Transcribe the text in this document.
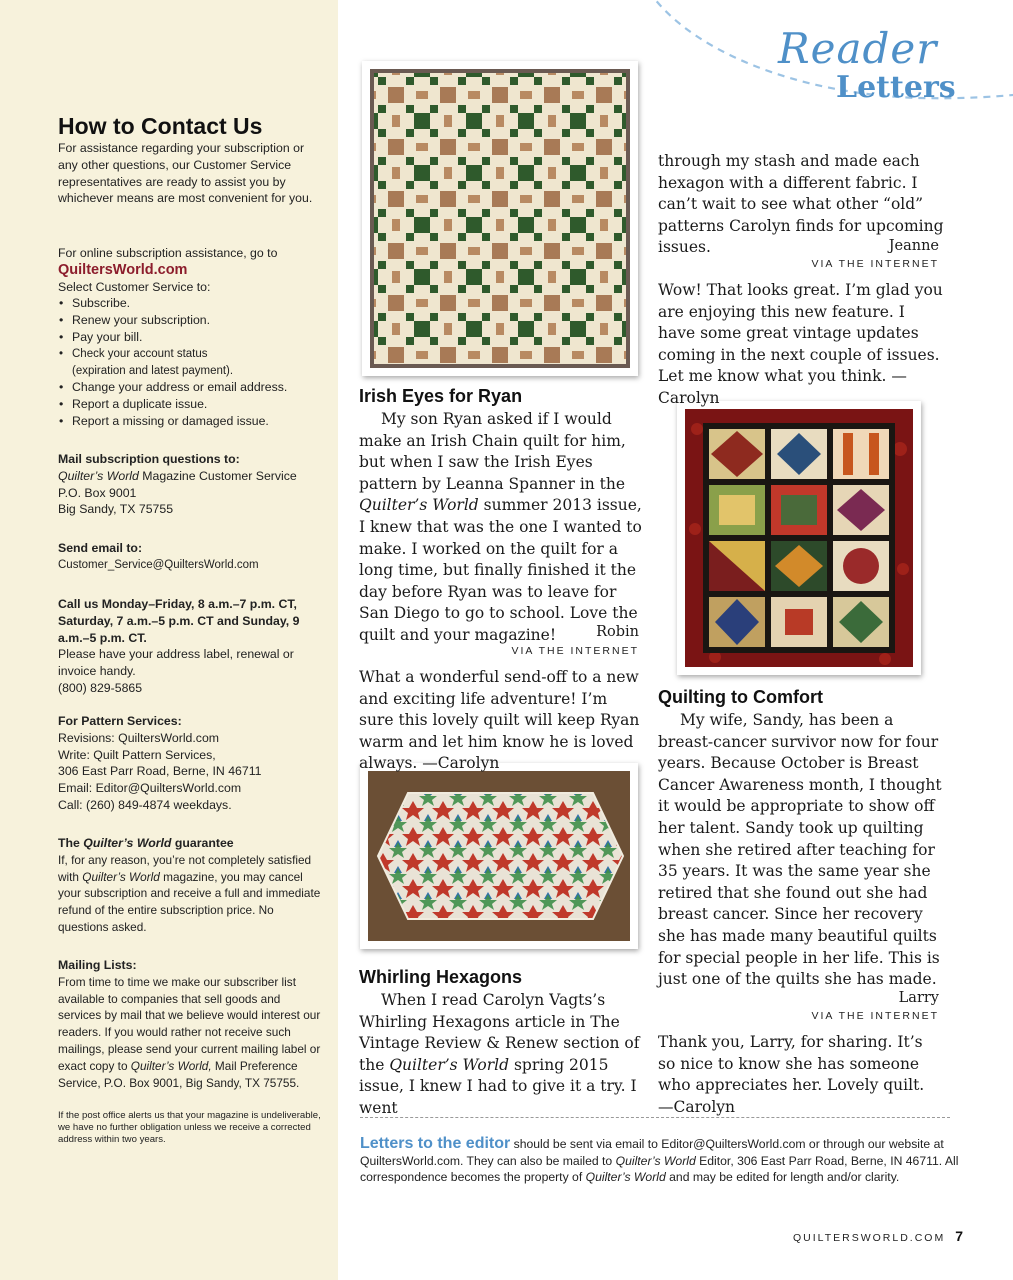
How to Contact Us

For assistance regarding your subscription or any other questions, our Customer Service representatives are ready to assist you by whichever means are most convenient for you.

For online subscription assistance, go to

QuiltersWorld.com

Select Customer Service to:

• Subscribe.
• Renew your subscription.
• Pay your bill.
• Check your account status
(expiration and latest payment).
• Change your address or email address.
• Report a duplicate issue.
• Report a missing or damaged issue.

Mail subscription questions to:

Quilter’s World Magazine Customer Service

P.O. Box 9001

Big Sandy, TX 75755

Send email to:

Customer_Service@QuiltersWorld.com

Call us Monday–Friday, 8 a.m.–7 p.m. CT, Saturday, 7 a.m.–5 p.m. CT and Sunday, 9 a.m.–5 p.m. CT.

Please have your address label, renewal or invoice handy.

(800) 829-5865

For Pattern Services:

Revisions: QuiltersWorld.com

Write: Quilt Pattern Services,

306 East Parr Road, Berne, IN 46711

Email: Editor@QuiltersWorld.com

Call: (260) 849-4874 weekdays.

The Quilter’s World guarantee

If, for any reason, you’re not completely satisfied with Quilter’s World magazine, you may cancel your subscription and receive a full and immediate refund of the entire subscription price. No questions asked.

Mailing Lists:

From time to time we make our subscriber list available to companies that sell goods and services by mail that we believe would interest our readers. If you would rather not receive such mailings, please send your current mailing label or exact copy to Quilter’s World, Mail Preference Service, P.O. Box 9001, Big Sandy, TX 75755.

If the post office alerts us that your magazine is undeliverable, we have no further obligation unless we receive a corrected address within two years.

Reader
Letters
Irish Eyes for Ryan

My son Ryan asked if I would make an Irish Chain quilt for him, but when I saw the Irish Eyes pattern by Leanna Spanner in the Quilter’s World summer 2013 issue, I knew that was the one I wanted to make. I worked on the quilt for a long time, but finally finished it the day before Ryan was to leave for San Diego to go to school. Love the quilt and your magazine!	Robin
VIA THE INTERNET

What a wonderful send-off to a new and exciting life adventure! I’m sure this lovely quilt will keep Ryan warm and let him know he is loved always. —Carolyn

Whirling Hexagons

When I read Carolyn Vagts’s Whirling Hexagons article in The Vintage Review & Renew section of the Quilter’s World spring 2015 issue, I knew I had to give it a try. I went

through my stash and made each hexagon with a different fabric. I can’t wait to see what other “old” patterns Carolyn finds for upcoming issues.	Jeanne
VIA THE INTERNET

Wow! That looks great. I’m glad you are enjoying this new feature. I have some great vintage updates coming in the next couple of issues. Let me know what you think. —Carolyn

Quilting to Comfort

My wife, Sandy, has been a breast-cancer survivor now for four years. Because October is Breast Cancer Awareness month, I thought it would be appropriate to show off her talent. Sandy took up quilting when she retired after teaching for 35 years. It was the same year she retired that she found out she had breast cancer. Since her recovery she has made many beautiful quilts for special people in her life. This is just one of the quilts she has made.

Larry
VIA THE INTERNET

Thank you, Larry, for sharing. It’s so nice to know she has someone who appreciates her. Lovely quilt. —Carolyn

Letters to the editor should be sent via email to Editor@QuiltersWorld.com or through our website at QuiltersWorld.com. They can also be mailed to Quilter’s World Editor, 306 East Parr Road, Berne, IN 46711. All correspondence becomes the property of Quilter’s World and may be edited for length and/or clarity.
QUILTERSWORLD.COM 7
